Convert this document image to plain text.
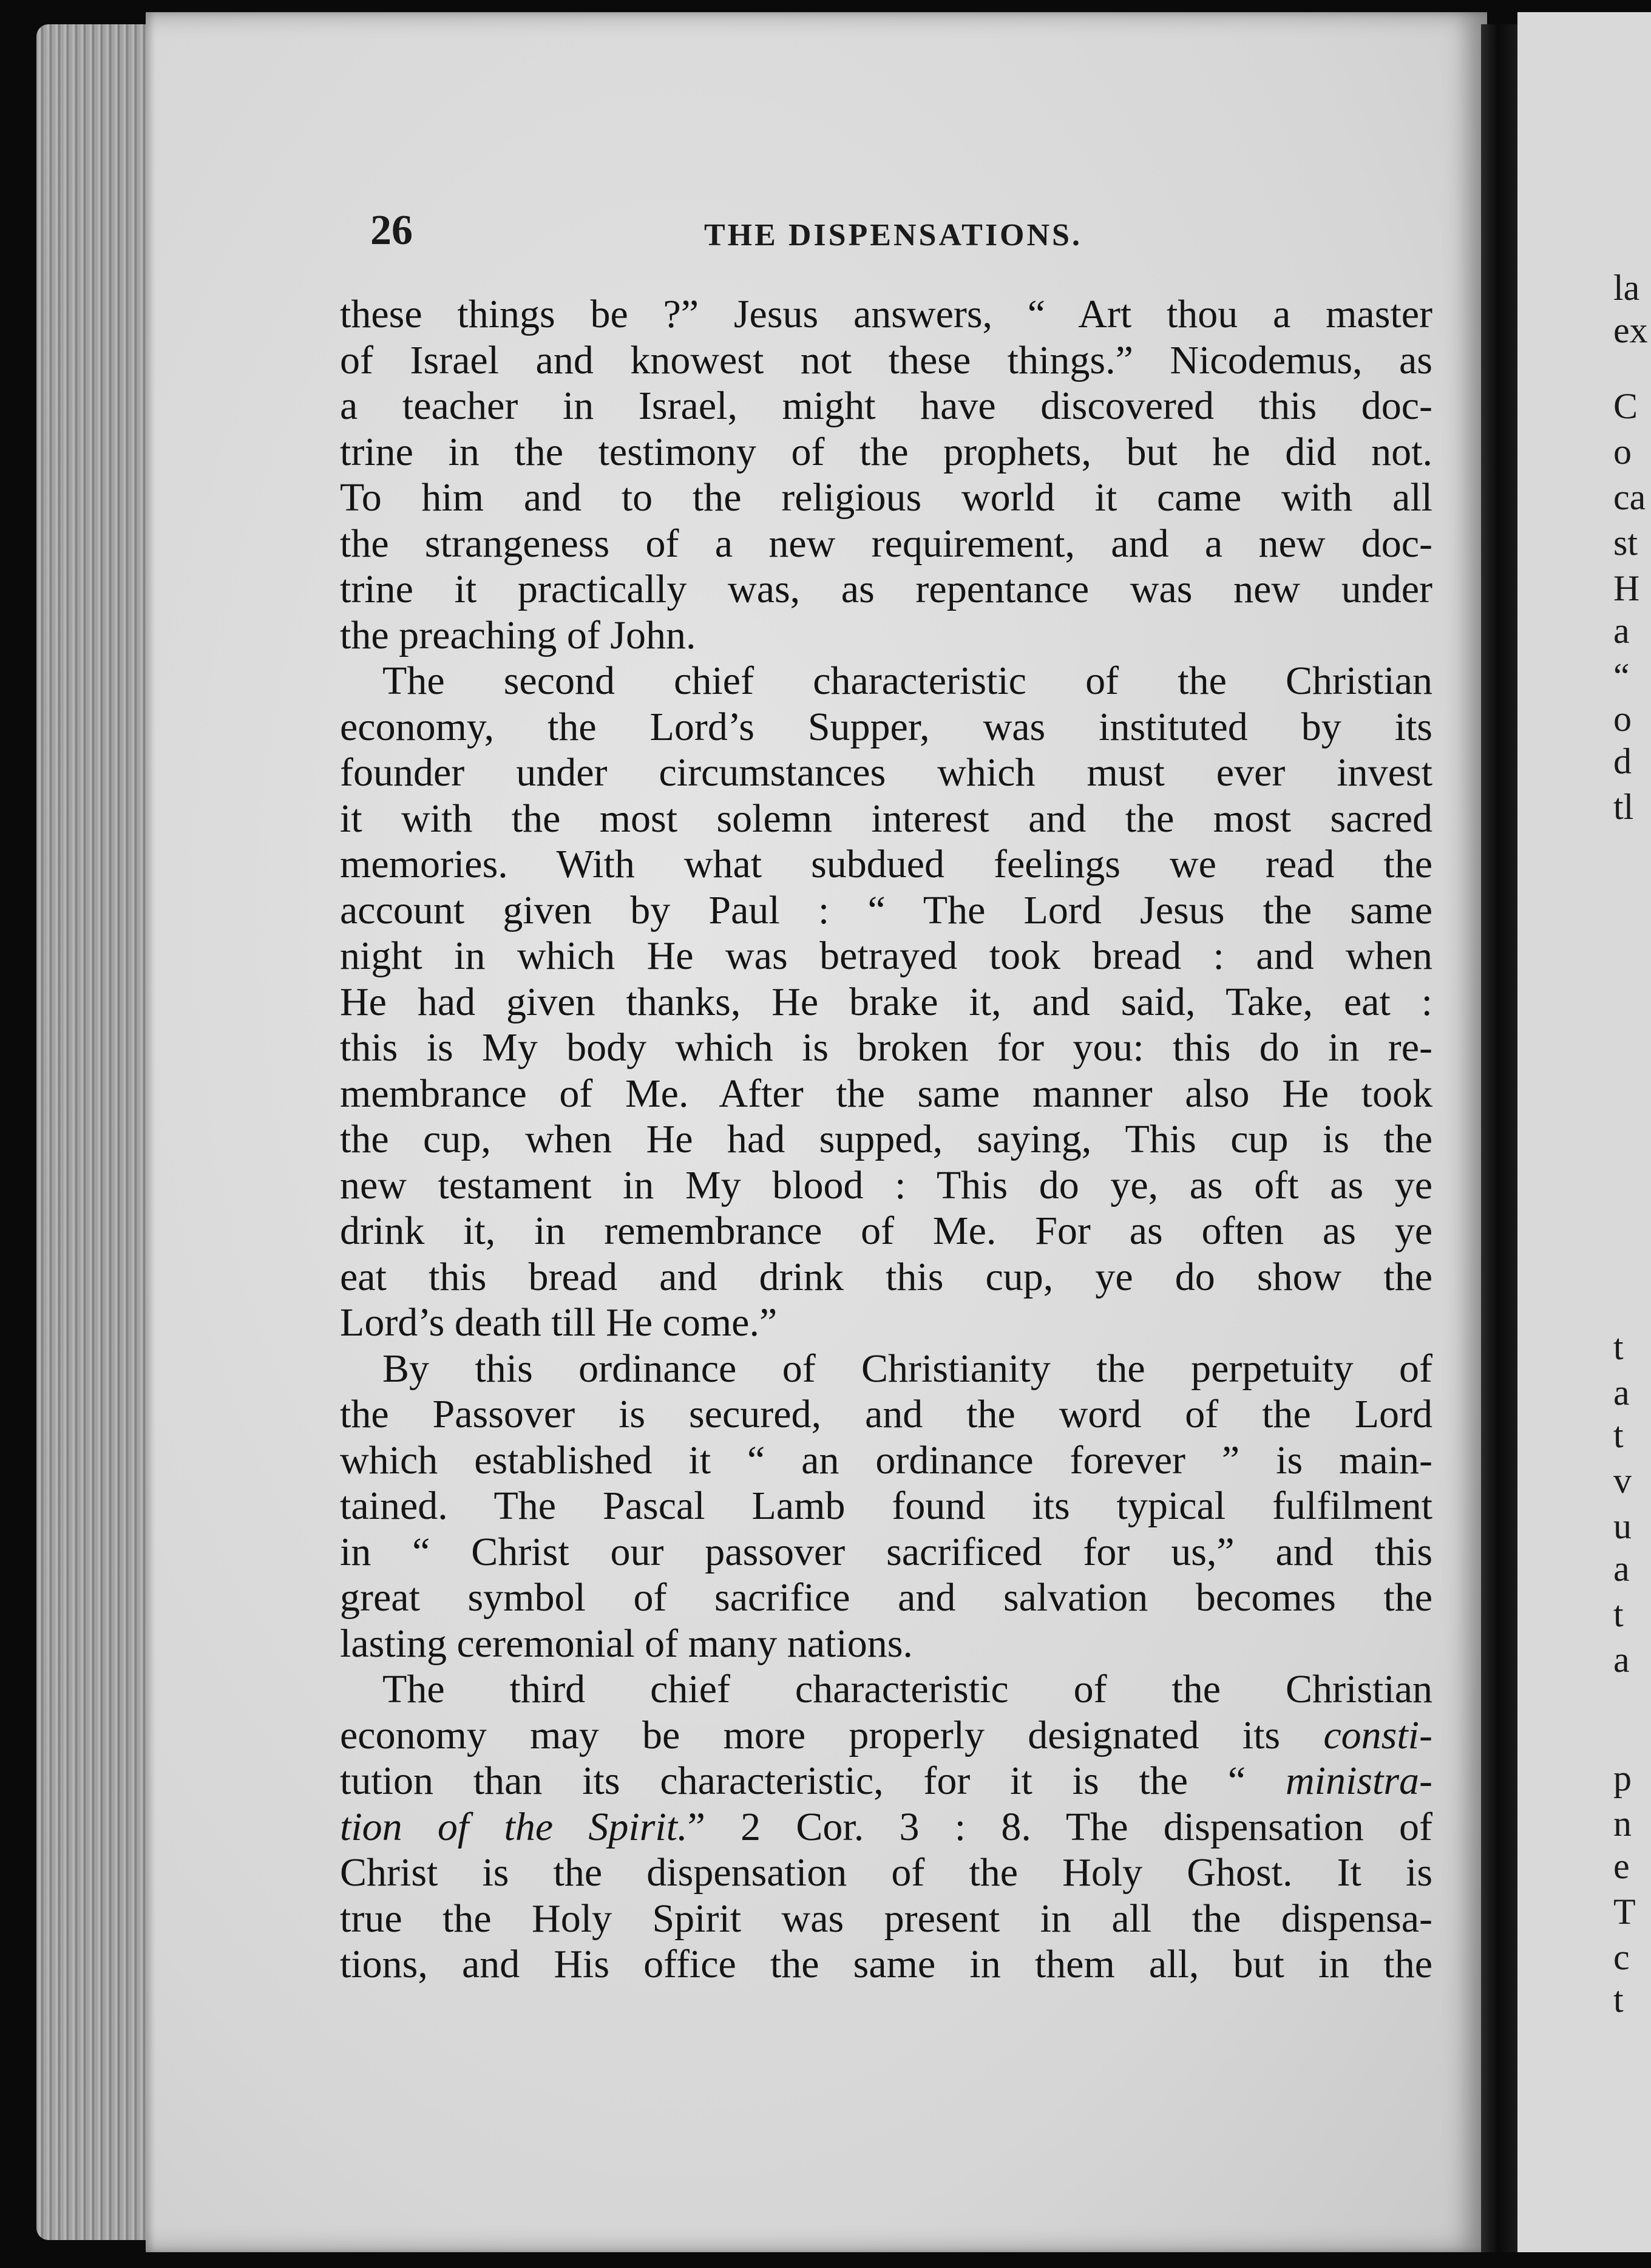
la
ex
C
o
ca
st
H
a
“
o
d
tl
t
a
t
v
u
a
t
a
p
n
e
T
c
t
26	THE DISPENSATIONS.
these things be ?” Jesus answers, “ Art thou a master
of Israel and knowest not these things.” Nicodemus, as
a teacher in Israel, might have discovered this doc-
trine in the testimony of the prophets, but he did not.
To him and to the religious world it came with all
the strangeness of a new requirement, and a new doc-
trine it practically was, as repentance was new under
the preaching of John.
The second chief characteristic of the Christian
economy, the Lord’s Supper, was instituted by its
founder under circumstances which must ever invest
it with the most solemn interest and the most sacred
memories. With what subdued feelings we read the
account given by Paul : “ The Lord Jesus the same
night in which He was betrayed took bread : and when
He had given thanks, He brake it, and said, Take, eat :
this is My body which is broken for you: this do in re-
membrance of Me. After the same manner also He took
the cup, when He had supped, saying, This cup is the
new testament in My blood : This do ye, as oft as ye
drink it, in remembrance of Me. For as often as ye
eat this bread and drink this cup, ye do show the
Lord’s death till He come.”
By this ordinance of Christianity the perpetuity of
the Passover is secured, and the word of the Lord
which established it “ an ordinance forever ” is main-
tained. The Pascal Lamb found its typical fulfilment
in “ Christ our passover sacrificed for us,” and this
great symbol of sacrifice and salvation becomes the
lasting ceremonial of many nations.
The third chief characteristic of the Christian
economy may be more properly designated its consti-
tution than its characteristic, for it is the “ ministra-
tion of the Spirit.” 2 Cor. 3 : 8. The dispensation of
Christ is the dispensation of the Holy Ghost. It is
true the Holy Spirit was present in all the dispensa-
tions, and His office the same in them all, but in the
